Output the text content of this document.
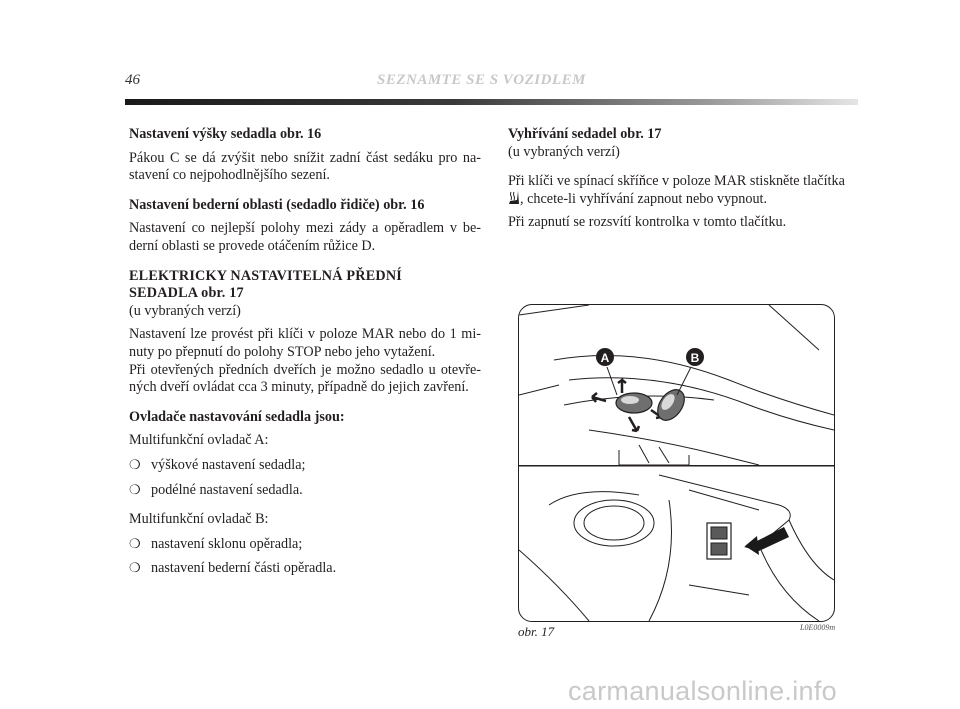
46	SEZNAMTE SE S VOZIDLEM

Nastavení výšky sedadla obr. 16

Pákou C se dá zvýšit nebo snížit zadní část sedáku pro na-stavení co nejpohodlnějšího sezení.

Nastavení bederní oblasti (sedadlo řidiče) obr. 16

Nastavení co nejlepší polohy mezi zády a opěradlem v be-derní oblasti se provede otáčením růžice D.

ELEKTRICKY NASTAVITELNÁ PŘEDNÍ
SEDADLA obr. 17

(u vybraných verzí)

Nastavení lze provést při klíči v poloze MAR nebo do 1 mi-nuty po přepnutí do polohy STOP nebo jeho vytažení.

Při otevřených předních dveřích je možno sedadlo u otevře-ných dveří ovládat cca 3 minuty, případně do jejich zavření.

Ovladače nastavování sedadla jsou:

Multifunkční ovladač A:

❍ výškové nastavení sedadla;
❍ podélné nastavení sedadla.

Multifunkční ovladač B:

❍ nastavení sklonu opěradla;
❍ nastavení bederní části opěradla.

Vyhřívání sedadel obr. 17

(u vybraných verzí)

Při klíči ve spínací skříňce v poloze MAR stiskněte tlačítka , chcete-li vyhřívání zapnout nebo vypnout.

Při zapnutí se rozsvítí kontrolka v tomto tlačítku.

A	B
obr. 17	L0E0009m
carmanualsonline.info
